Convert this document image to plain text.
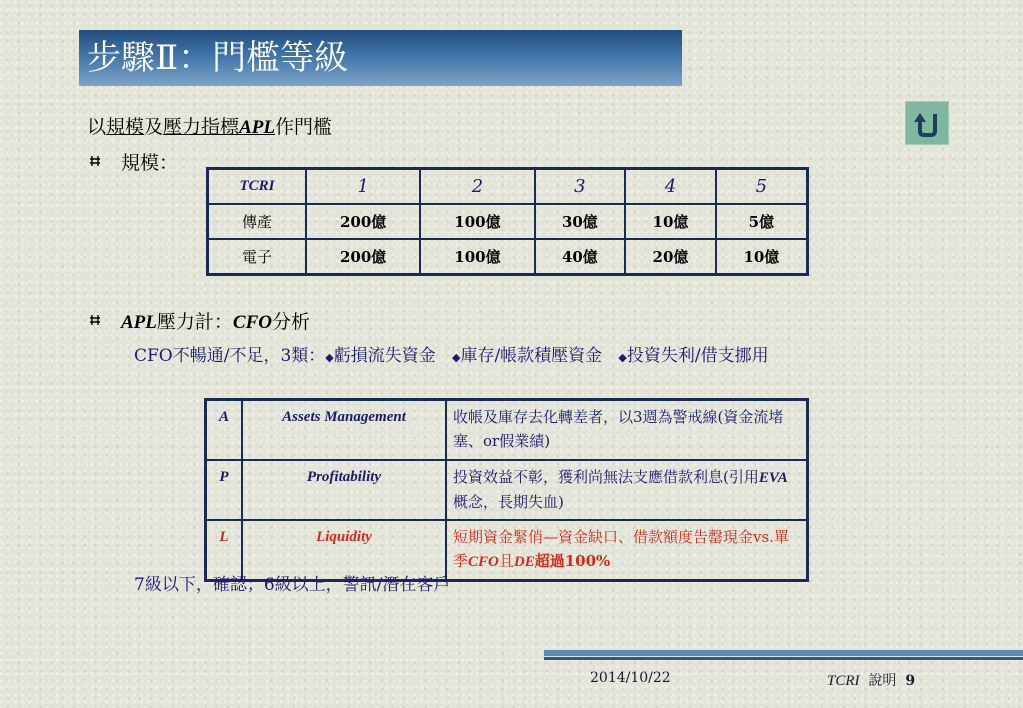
步驟Ⅱ：門檻等級
以規模及壓力指標APL作門檻
規模：
TCRI	1	2	3	4	5
傳產	200億	100億	30億	10億	5億
電子	200億	100億	40億	20億	10億
APL壓力計：CFO分析
CFO不暢通/不足，3類：◆虧損流失資金 ◆庫存/帳款積壓資金 ◆投資失利/借支挪用
A	Assets Management	收帳及庫存去化轉差者，以3週為警戒線(資金流堵塞、or假業績)
P	Profitability	投資效益不彰，獲利尚無法支應借款利息(引用EVA概念，長期失血)
L	Liquidity	短期資金緊俏—資金缺口、借款額度告罄現金vs.單季CFO且DE超過100%
7級以下，確認；6級以上，警訊/潛在客戶
2014/10/22	TCRI 說明 9
